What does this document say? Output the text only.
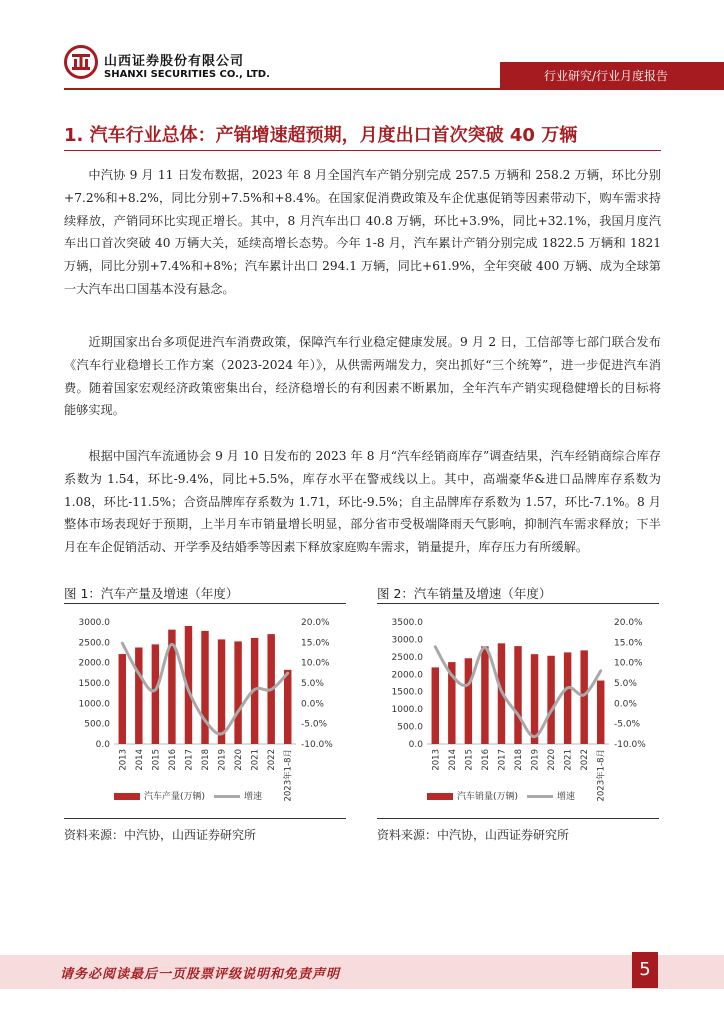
山西证券股份有限公司
SHANXI SECURITIES CO., LTD.	行业研究/行业月度报告
1. 汽车行业总体：产销增速超预期，月度出口首次突破 40 万辆

中汽协 9 月 11 日发布数据，2023 年 8 月全国汽车产销分别完成 257.5 万辆和 258.2 万辆，环比分别+7.2%和+8.2%，同比分别+7.5%和+8.4%。在国家促消费政策及车企优惠促销等因素带动下，购车需求持续释放，产销同环比实现正增长。其中，8 月汽车出口 40.8 万辆，环比+3.9%，同比+32.1%，我国月度汽车出口首次突破 40 万辆大关，延续高增长态势。今年 1-8 月，汽车累计产销分别完成 1822.5 万辆和 1821 万辆，同比分别+7.4%和+8%；汽车累计出口 294.1 万辆，同比+61.9%，全年突破 400 万辆、成为全球第一大汽车出口国基本没有悬念。

近期国家出台多项促进汽车消费政策，保障汽车行业稳定健康发展。9 月 2 日，工信部等七部门联合发布《汽车行业稳增长工作方案（2023-2024 年）》，从供需两端发力，突出抓好“三个统筹”，进一步促进汽车消费。随着国家宏观经济政策密集出台，经济稳增长的有利因素不断累加，全年汽车产销实现稳健增长的目标将能够实现。

根据中国汽车流通协会 9 月 10 日发布的 2023 年 8 月“汽车经销商库存”调查结果，汽车经销商综合库存系数为 1.54，环比-9.4%，同比+5.5%，库存水平在警戒线以上。其中，高端豪华&进口品牌库存系数为 1.08，环比-11.5%；合资品牌库存系数为 1.71，环比-9.5%；自主品牌库存系数为 1.57，环比-7.1%。8 月整体市场表现好于预期，上半月车市销量增长明显，部分省市受极端降雨天气影响，抑制汽车需求释放；下半月在车企促销活动、开学季及结婚季等因素下释放家庭购车需求，销量提升，库存压力有所缓解。

图 1：汽车产量及增速（年度）
0.0
500.0
1000.0
1500.0
2000.0
2500.0
3000.0
-10.0%
-5.0%
0.0%
5.0%
10.0%
15.0%
20.0%
2013 2014 2015 2016 2017 2018 2019 2020 2021 2022 2023年1-8月
汽车产量(万辆)	增速
资料来源：中汽协，山西证券研究所
图 2：汽车销量及增速（年度）
0.0
500.0
1000.0
1500.0
2000.0
2500.0
3000.0
3500.0
-10.0%
-5.0%
0.0%
5.0%
10.0%
15.0%
20.0%
2013 2014 2015 2016 2017 2018 2019 2020 2021 2022 2023年1-8月
汽车销量(万辆)	增速
资料来源：中汽协，山西证券研究所
请务必阅读最后一页股票评级说明和免责声明	5
